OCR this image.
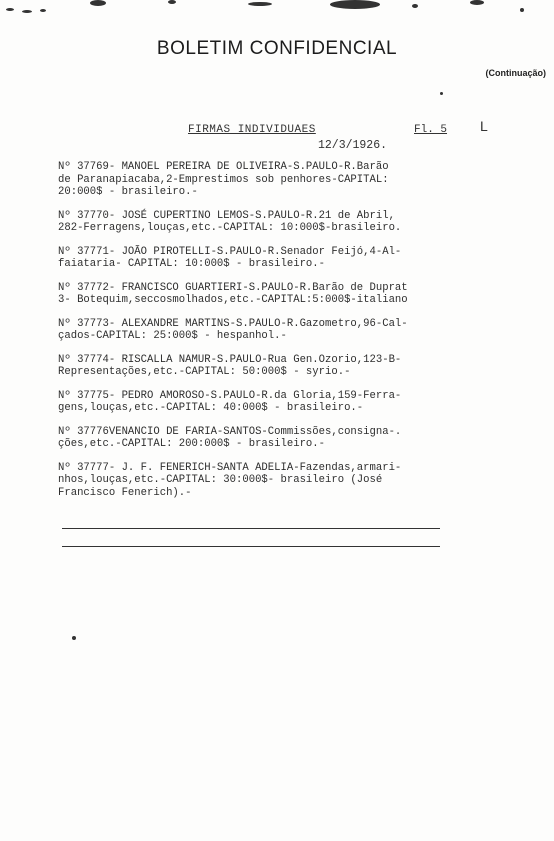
BOLETIM CONFIDENCIAL
(Continuação)
FIRMAS INDIVIDUAES	Fl. 5 L
12/3/1926.

Nº 37769- MANOEL PEREIRA DE OLIVEIRA-S.PAULO-R.Barão
de Paranapiacaba,2-Emprestimos sob penhores-CAPITAL:
20:000$ - brasileiro.-

Nº 37770- JOSÉ CUPERTINO LEMOS-S.PAULO-R.21 de Abril,
282-Ferragens,louças,etc.-CAPITAL: 10:000$-brasileiro.

Nº 37771- JOÃO PIROTELLI-S.PAULO-R.Senador Feijó,4-Al-
faiataria- CAPITAL: 10:000$ - brasileiro.-

Nº 37772- FRANCISCO GUARTIERI-S.PAULO-R.Barão de Duprat
3- Botequim,seccosmolhados,etc.-CAPITAL:5:000$-italiano

Nº 37773- ALEXANDRE MARTINS-S.PAULO-R.Gazometro,96-Cal-
çados-CAPITAL: 25:000$ - hespanhol.-

Nº 37774- RISCALLA NAMUR-S.PAULO-Rua Gen.Ozorio,123-B-
Representações,etc.-CAPITAL: 50:000$ - syrio.-

Nº 37775- PEDRO AMOROSO-S.PAULO-R.da Gloria,159-Ferra-
gens,louças,etc.-CAPITAL: 40:000$ - brasileiro.-

Nº 37776VENANCIO DE FARIA-SANTOS-Commissões,consigna-.
ções,etc.-CAPITAL: 200:000$ - brasileiro.-

Nº 37777- J. F. FENERICH-SANTA ADELIA-Fazendas,armari-
nhos,louças,etc.-CAPITAL: 30:000$- brasileiro (José
Francisco Fenerich).-
